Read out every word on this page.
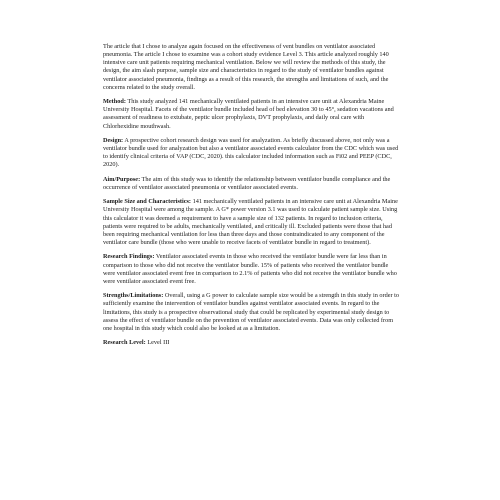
The article that I chose to analyze again focused on the effectiveness of vent bundles on ventilator associated pneumonia. The article I chose to examine was a cohort study evidence Level 3. This article analyzed roughly 140 intensive care unit patients requiring mechanical ventilation. Below we will review the methods of this study, the design, the aim slash purpose, sample size and characteristics in regard to the study of ventilator bundles against ventilator associated pneumonia, findings as a result of this research, the strengths and limitations of such, and the concerns related to the study overall.

Method: This study analyzed 141 mechanically ventilated patients in an intensive care unit at Alexandria Maine University Hospital. Facets of the ventilator bundle included head of bed elevation 30 to 45°, sedation vacations and assessment of readiness to extubate, peptic ulcer prophylaxis, DVT prophylaxis, and daily oral care with Chlorhexidine mouthwash.

Design: A prospective cohort research design was used for analyzation. As briefly discussed above, not only was a ventilator bundle used for analyzation but also a ventilator associated events calculator from the CDC which was used to identify clinical criteria of VAP (CDC, 2020). this calculator included information such as Fi02 and PEEP (CDC, 2020).

Aim/Purpose: The aim of this study was to identify the relationship between ventilator bundle compliance and the occurrence of ventilator associated pneumonia or ventilator associated events.

Sample Size and Characteristics: 141 mechanically ventilated patients in an intensive care unit at Alexandria Maine University Hospital were among the sample. A G* power version 3.1 was used to calculate patient sample size. Using this calculator it was deemed a requirement to have a sample size of 132 patients. In regard to inclusion criteria, patients were required to be adults, mechanically ventilated, and critically ill. Excluded patients were those that had been requiring mechanical ventilation for less than three days and those contraindicated to any component of the ventilator care bundle (those who were unable to receive facets of ventilator bundle in regard to treatment).

Research Findings: Ventilator associated events in those who received the ventilator bundle were far less than in comparison to those who did not receive the ventilator bundle. 15% of patients who received the ventilator bundle were ventilator associated event free in comparison to 2.1% of patients who did not receive the ventilator bundle who were ventilator associated event free.

Strengths/Limitations: Overall, using a G power to calculate sample size would be a strength in this study in order to sufficiently examine the intervention of ventilator bundles against ventilator associated events. In regard to the limitations, this study is a prospective observational study that could be replicated by experimental study design to assess the effect of ventilator bundle on the prevention of ventilator associated events. Data was only collected from one hospital in this study which could also be looked at as a limitation.

Research Level: Level III
